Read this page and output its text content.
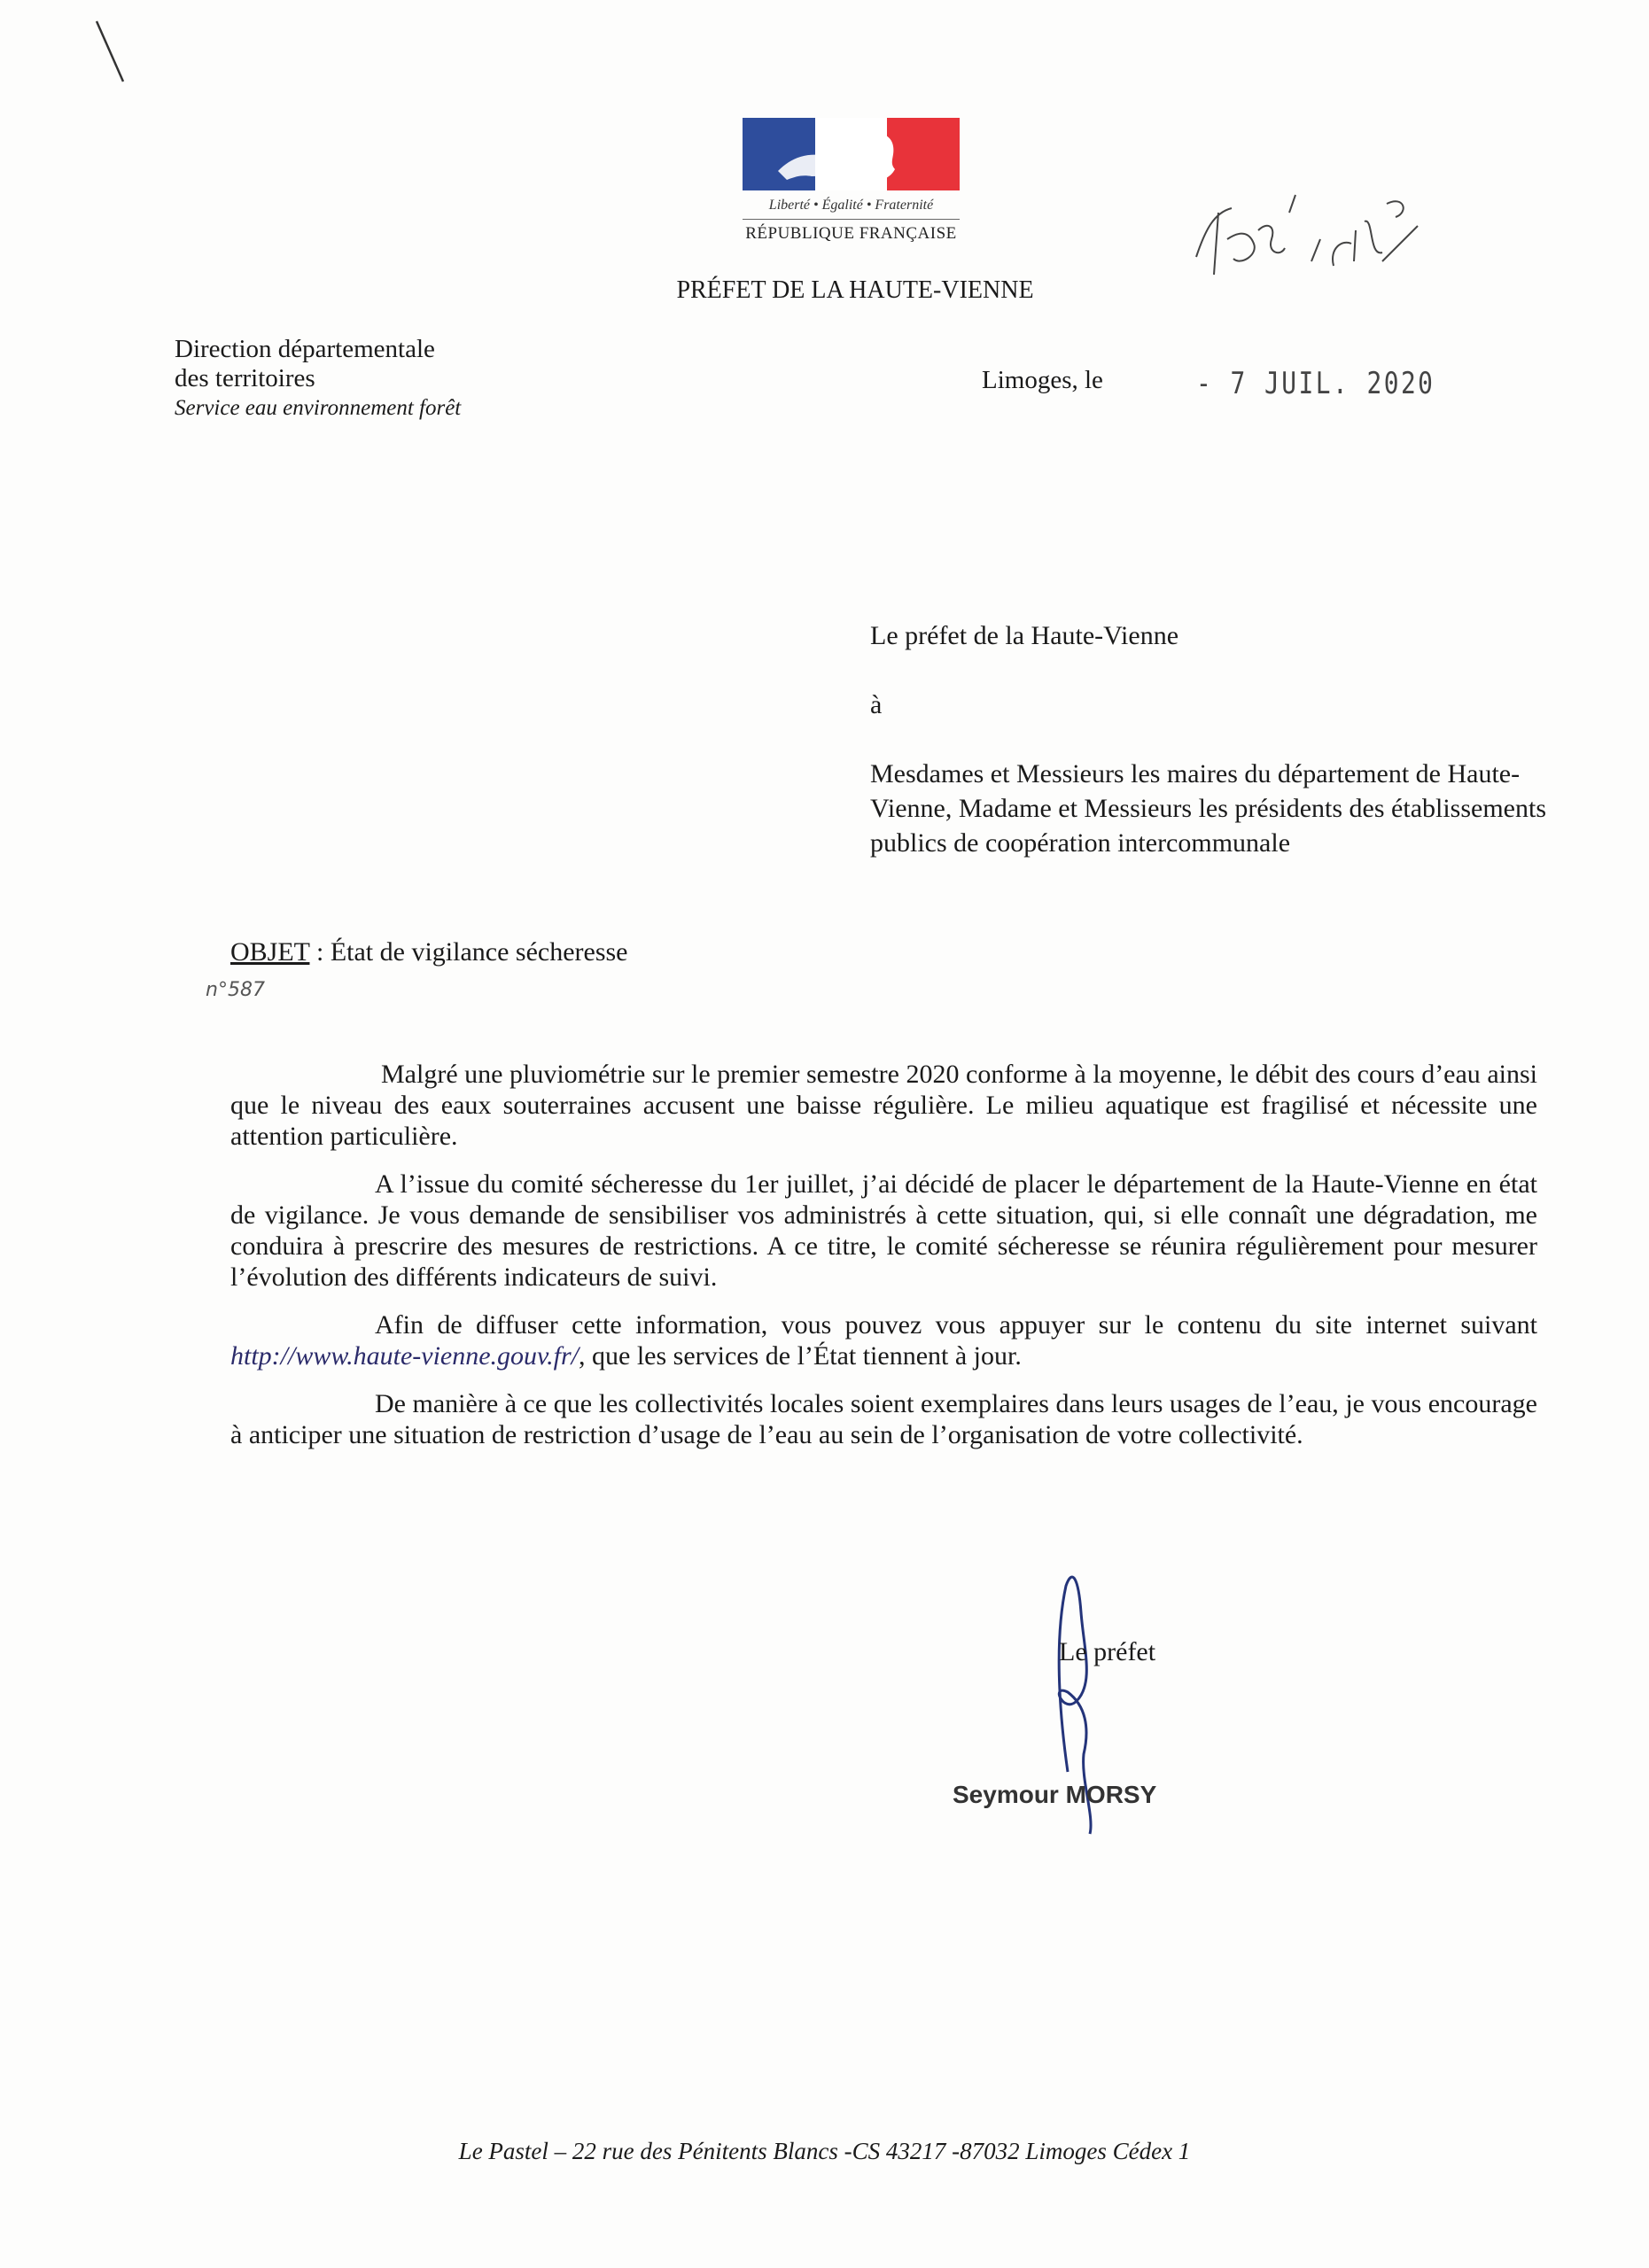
Liberté • Égalité • Fraternité
RÉPUBLIQUE FRANÇAISE
PRÉFET DE LA HAUTE-VIENNE
Direction départementale
des territoires
Service eau environnement forêt
Limoges, le	- 7 JUIL. 2020

Le préfet de la Haute-Vienne

à

Mesdames et Messieurs les maires du département de Haute-Vienne, Madame et Messieurs les présidents des établissements publics de coopération intercommunale

OBJET : État de vigilance sécheresse
n°587

Malgré une pluviométrie sur le premier semestre 2020 conforme à la moyenne, le débit des cours d’eau ainsi que le niveau des eaux souterraines accusent une baisse régulière. Le milieu aquatique est fragilisé et nécessite une attention particulière.

A l’issue du comité sécheresse du 1er juillet, j’ai décidé de placer le département de la Haute-Vienne en état de vigilance. Je vous demande de sensibiliser vos administrés à cette situation, qui, si elle connaît une dégradation, me conduira à prescrire des mesures de restrictions. A ce titre, le comité sécheresse se réunira régulièrement pour mesurer l’évolution des différents indicateurs de suivi.

Afin de diffuser cette information, vous pouvez vous appuyer sur le contenu du site internet suivant http://www.haute-vienne.gouv.fr/, que les services de l’État tiennent à jour.

De manière à ce que les collectivités locales soient exemplaires dans leurs usages de l’eau, je vous encourage à anticiper une situation de restriction d’usage de l’eau au sein de l’organisation de votre collectivité.

Le préfet
Seymour MORSY
Le Pastel – 22 rue des Pénitents Blancs -CS 43217 -87032 Limoges Cédex 1
